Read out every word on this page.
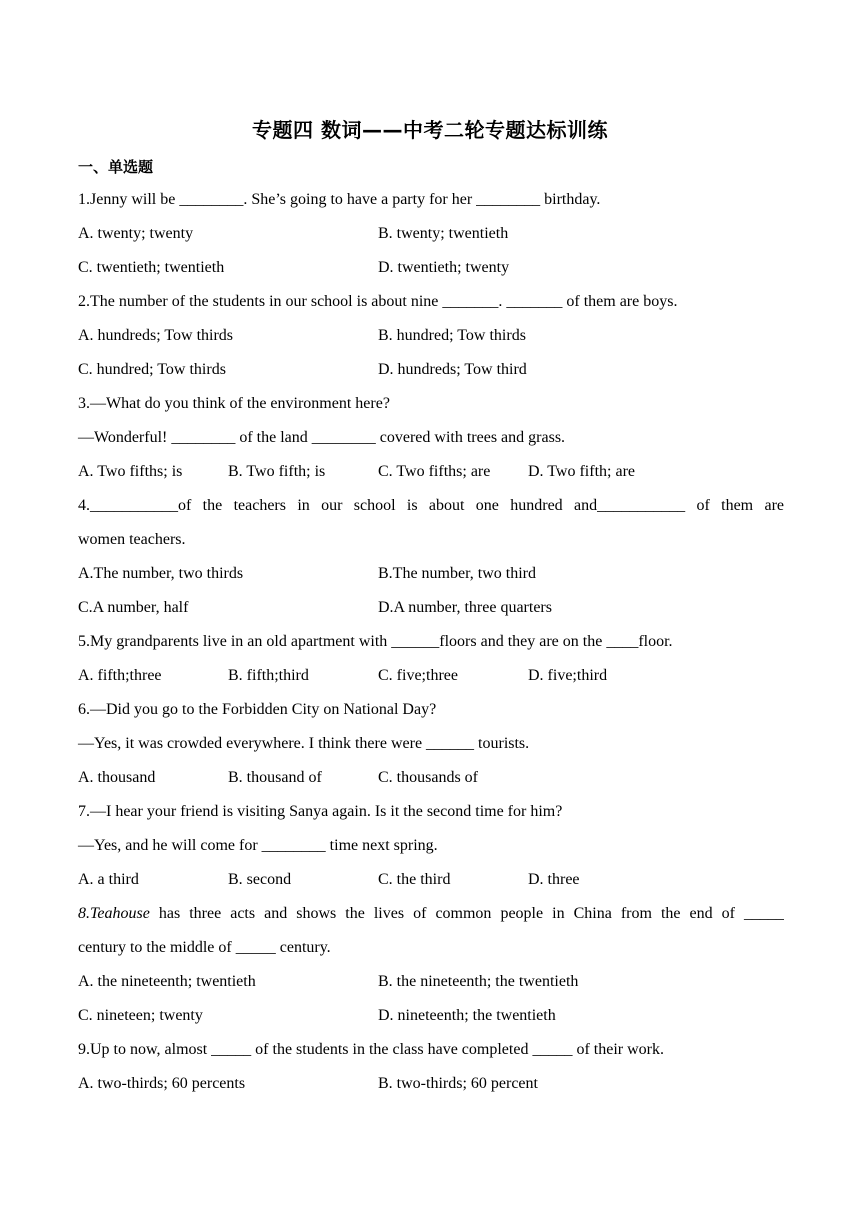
专题四 数词——中考二轮专题达标训练
一、单选题
1.Jenny will be ________. She’s going to have a party for her ________ birthday.
A. twenty; twenty	B. twenty; twentieth
C. twentieth; twentieth	D. twentieth; twenty
2.The number of the students in our school is about nine _______. _______ of them are boys.
A. hundreds; Tow thirds	B. hundred; Tow thirds
C. hundred; Tow thirds	D. hundreds; Tow third
3.—What do you think of the environment here?
—Wonderful! ________ of the land ________ covered with trees and grass.
A. Two fifths; is	B. Two fifth; is	C. Two fifths; are D. Two fifth; are
4.___________of the teachers in our school is about one hundred and___________ of them are
women teachers.
A.The number, two thirds	B.The number, two third
C.A number, half	D.A number, three quarters
5.My grandparents live in an old apartment with ______floors and they are on the ____floor.
A. fifth;three	B. fifth;third	C. five;three	D. five;third
6.—Did you go to the Forbidden City on National Day?
—Yes, it was crowded everywhere. I think there were ______ tourists.
A. thousand	B. thousand of	C. thousands of
7.—I hear your friend is visiting Sanya again. Is it the second time for him?
—Yes, and he will come for ________ time next spring.
A. a third	B. second	C. the third	D. three
8.Teahouse has three acts and shows the lives of common people in China from the end of _____
century to the middle of _____ century.
A. the nineteenth; twentieth	B. the nineteenth; the twentieth
C. nineteen; twenty	D. nineteenth; the twentieth
9.Up to now, almost _____ of the students in the class have completed _____ of their work.
A. two-thirds; 60 percents	B. two-thirds; 60 percent
